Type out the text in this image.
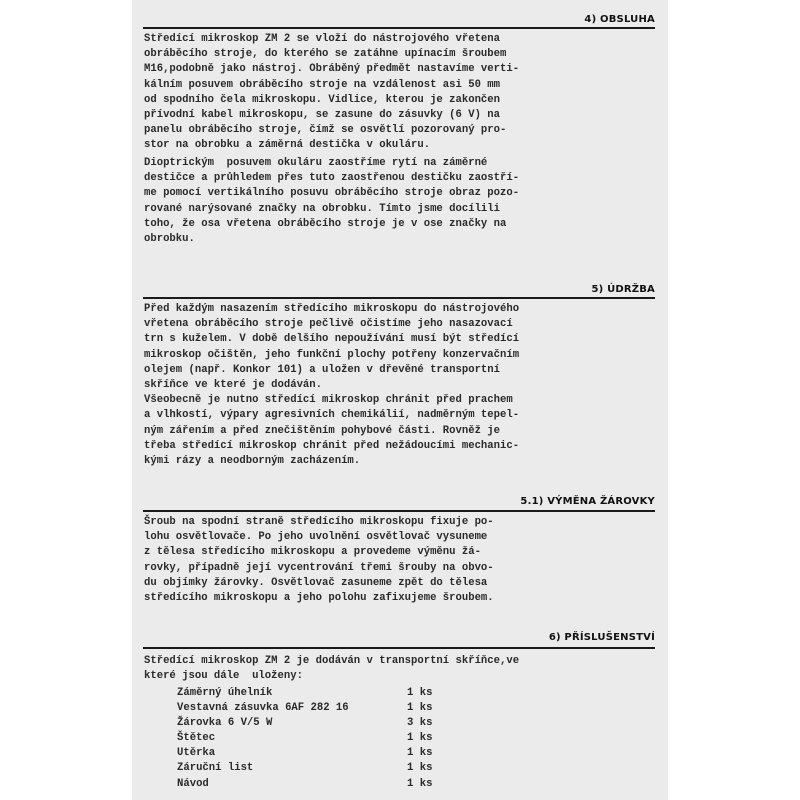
4) OBSLUHA
Středící mikroskop ZM 2 se vloží do nástrojového vřetena
obráběcího stroje, do kterého se zatáhne upínacím šroubem
M16,podobně jako nástroj. Obráběný předmět nastavíme verti-
kálním posuvem obráběcího stroje na vzdálenost asi 50 mm
od spodního čela mikroskopu. Vidlice, kterou je zakončen
přívodní kabel mikroskopu, se zasune do zásuvky (6 V) na
panelu obráběcího stroje, čímž se osvětlí pozorovaný pro-
stor na obrobku a záměrná destička v okuláru.
Dioptrickým  posuvem okuláru zaostříme rytí na záměrné
destičce a průhledem přes tuto zaostřenou destičku zaostří-
me pomocí vertikálního posuvu obráběcího stroje obraz pozo-
rované narýsované značky na obrobku. Tímto jsme docílili
toho, že osa vřetena obráběcího stroje je v ose značky na
obrobku.
5) ÚDRŽBA
Před každým nasazením středícího mikroskopu do nástrojového
vřetena obráběcího stroje pečlivě očistíme jeho nasazovací
trn s kuželem. V době delšího nepoužívání musí být středící
mikroskop očištěn, jeho funkční plochy potřeny konzervačním
olejem (např. Konkor 101) a uložen v dřevěné transportní
skříňce ve které je dodáván.
Všeobecně je nutno středící mikroskop chránit před prachem
a vlhkostí, výpary agresivních chemikálií, nadměrným tepel-
ným zářením a před znečištěním pohybové části. Rovněž je
třeba středící mikroskop chránit před nežádoucími mechanic-
kými rázy a neodborným zacházením.
5.1) VÝMĚNA ŽÁROVKY
Šroub na spodní straně středícího mikroskopu fixuje po-
lohu osvětlovače. Po jeho uvolnění osvětlovač vysuneme
z tělesa středícího mikroskopu a provedeme výměnu žá-
rovky, případně její vycentrování třemi šrouby na obvo-
du objímky žárovky. Osvětlovač zasuneme zpět do tělesa
středícího mikroskopu a jeho polohu zafixujeme šroubem.
6) PŘÍSLUŠENSTVÍ
Středící mikroskop ZM 2 je dodáván v transportní skříňce,ve
které jsou dále  uloženy:
Záměrný úhelník	1 ks
Vestavná zásuvka 6AF 282 16	1 ks
Žárovka 6 V/5 W	3 ks
Štětec	1 ks
Utěrka	1 ks
Záruční list	1 ks
Návod	1 ks
